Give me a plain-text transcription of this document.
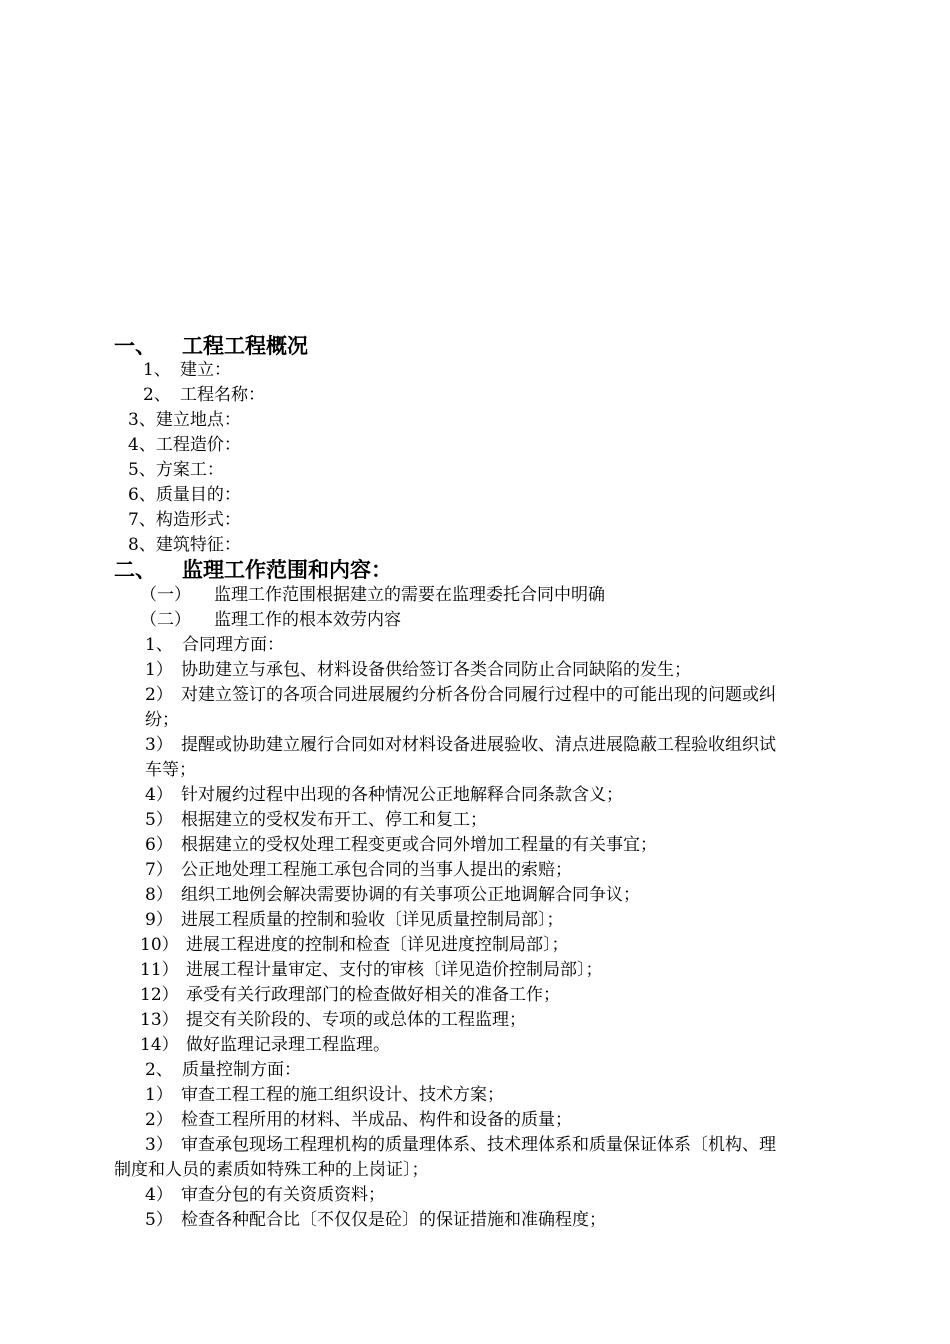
一、 工程工程概况
1、 建立：
2、 工程名称：
3、建立地点：
4、工程造价：
5、方案工：
6、质量目的：
7、构造形式：
8、建筑特征：
二、 监理工作范围和内容：
（一） 监理工作范围根据建立的需要在监理委托合同中明确
（二） 监理工作的根本效劳内容
1、 合同理方面：
1） 协助建立与承包、材料设备供给签订各类合同防止合同缺陷的发生；
2） 对建立签订的各项合同进展履约分析各份合同履行过程中的可能出现的问题或纠
纷；
3） 提醒或协助建立履行合同如对材料设备进展验收、清点进展隐蔽工程验收组织试
车等；
4） 针对履约过程中出现的各种情况公正地解释合同条款含义；
5） 根据建立的受权发布开工、停工和复工；
6） 根据建立的受权处理工程变更或合同外增加工程量的有关事宜；
7） 公正地处理工程施工承包合同的当事人提出的索赔；
8） 组织工地例会解决需要协调的有关事项公正地调解合同争议；
9） 进展工程质量的控制和验收〔详见质量控制局部〕；
10） 进展工程进度的控制和检查〔详见进度控制局部〕；
11） 进展工程计量审定、支付的审核〔详见造价控制局部〕；
12） 承受有关行政理部门的检查做好相关的准备工作；
13） 提交有关阶段的、专项的或总体的工程监理；
14） 做好监理记录理工程监理。
2、 质量控制方面：
1） 审查工程工程的施工组织设计、技术方案；
2） 检查工程所用的材料、半成品、构件和设备的质量；
3） 审查承包现场工程理机构的质量理体系、技术理体系和质量保证体系〔机构、理
制度和人员的素质如特殊工种的上岗证〕；
4） 审查分包的有关资质资料；
5） 检查各种配合比〔不仅仅是砼〕的保证措施和准确程度；
